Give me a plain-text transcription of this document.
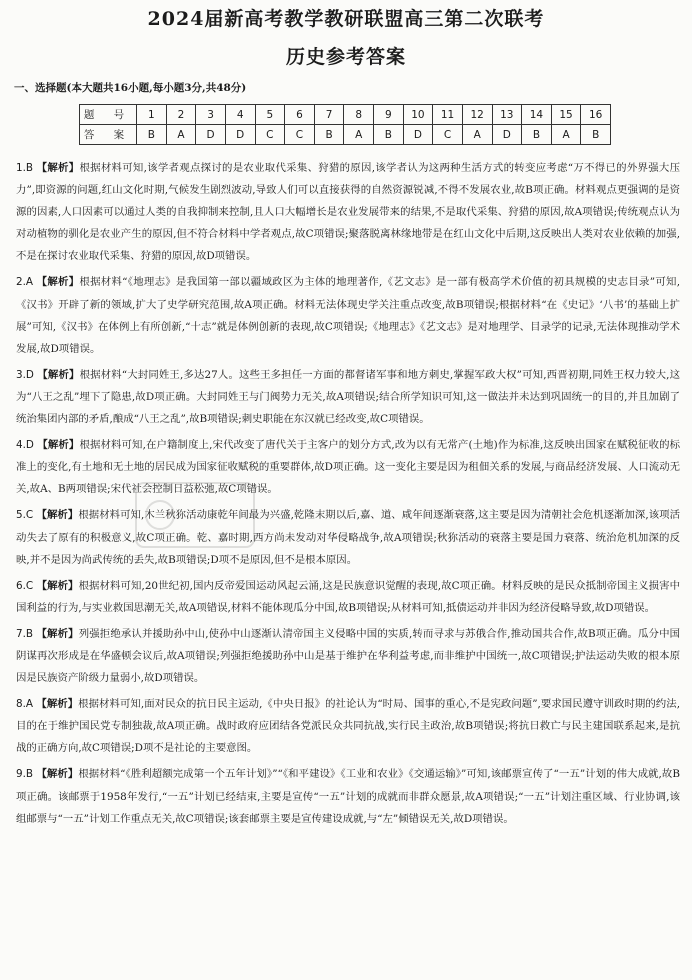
2024届新高考教学教研联盟高三第二次联考
历史参考答案
一、选择题(本大题共16小题,每小题3分,共48分)
题 号	1	2	3	4	5	6	7	8	9	10	11	12	13	14	15	16
答 案	B	A	D	D	C	C	B	A	B	D	C	A	D	B	A	B
1.B 【解析】根据材料可知,该学者观点探讨的是农业取代采集、狩猎的原因,该学者认为这两种生活方式的转变应考虑“万不得已的外界强大压力”,即资源的问题,红山文化时期,气候发生剧烈波动,导致人们可以直接获得的自然资源锐减,不得不发展农业,故B项正确。材料观点更强调的是资源的因素,人口因素可以通过人类的自我抑制来控制,且人口大幅增长是农业发展带来的结果,不是取代采集、狩猎的原因,故A项错误;传统观点认为对动植物的驯化是农业产生的原因,但不符合材料中学者观点,故C项错误;聚落脱离林缘地带是在红山文化中后期,这反映出人类对农业依赖的加强,不是在探讨农业取代采集、狩猎的原因,故D项错误。
2.A 【解析】根据材料“《地理志》是我国第一部以疆域政区为主体的地理著作,《艺文志》是一部有极高学术价值的初具规模的史志目录”可知,《汉书》开辟了新的领域,扩大了史学研究范围,故A项正确。材料无法体现史学关注重点改变,故B项错误;根据材料“在《史记》‘八书’的基础上扩展”可知,《汉书》在体例上有所创新,“十志”就是体例创新的表现,故C项错误;《地理志》《艺文志》是对地理学、目录学的记录,无法体现推动学术发展,故D项错误。
3.D 【解析】根据材料“大封同姓王,多达27人。这些王多担任一方面的都督诸军事和地方刺史,掌握军政大权”可知,西晋初期,同姓王权力较大,这为“八王之乱”埋下了隐患,故D项正确。大封同姓王与门阀势力无关,故A项错误;结合所学知识可知,这一做法并未达到巩固统一的目的,并且加剧了统治集团内部的矛盾,酿成“八王之乱”,故B项错误;刺史职能在东汉就已经改变,故C项错误。
4.D 【解析】根据材料可知,在户籍制度上,宋代改变了唐代关于主客户的划分方式,改为以有无常产(土地)作为标准,这反映出国家在赋税征收的标准上的变化,有土地和无土地的居民成为国家征收赋税的重要群体,故D项正确。这一变化主要是因为租佃关系的发展,与商品经济发展、人口流动无关,故A、B两项错误;宋代社会控制日益松弛,故C项错误。
5.C 【解析】根据材料可知,木兰秋狝活动康乾年间最为兴盛,乾隆末期以后,嘉、道、咸年间逐渐衰落,这主要是因为清朝社会危机逐渐加深,该项活动失去了原有的积极意义,故C项正确。乾、嘉时期,西方尚未发动对华侵略战争,故A项错误;秋狝活动的衰落主要是国力衰落、统治危机加深的反映,并不是因为尚武传统的丢失,故B项错误;D项不是原因,但不是根本原因。
6.C 【解析】根据材料可知,20世纪初,国内反帝爱国运动风起云涌,这是民族意识觉醒的表现,故C项正确。材料反映的是民众抵制帝国主义损害中国利益的行为,与实业救国思潮无关,故A项错误,材料不能体现瓜分中国,故B项错误;从材料可知,抵债运动并非因为经济侵略导致,故D项错误。
7.B 【解析】列强拒绝承认并援助孙中山,使孙中山逐渐认清帝国主义侵略中国的实质,转而寻求与苏俄合作,推动国共合作,故B项正确。瓜分中国阴谋再次形成是在华盛顿会议后,故A项错误;列强拒绝援助孙中山是基于维护在华利益考虑,而非维护中国统一,故C项错误;护法运动失败的根本原因是民族资产阶级力量弱小,故D项错误。
8.A 【解析】根据材料可知,面对民众的抗日民主运动,《中央日报》的社论认为“时局、国事的重心,不是宪政问题”,要求国民遵守训政时期的约法,目的在于维护国民党专制独裁,故A项正确。战时政府应团结各党派民众共同抗战,实行民主政治,故B项错误;将抗日救亡与民主建国联系起来,是抗战的正确方向,故C项错误;D项不是社论的主要意图。
9.B 【解析】根据材料“《胜利超额完成第一个五年计划》”“《和平建设》《工业和农业》《交通运输》”可知,该邮票宣传了“一五”计划的伟大成就,故B项正确。该邮票于1958年发行,“一五”计划已经结束,主要是宣传“一五”计划的成就而非群众愿景,故A项错误;“一五”计划注重区域、行业协调,该组邮票与“一五”计划工作重点无关,故C项错误;该套邮票主要是宣传建设成就,与“左”倾错误无关,故D项错误。
